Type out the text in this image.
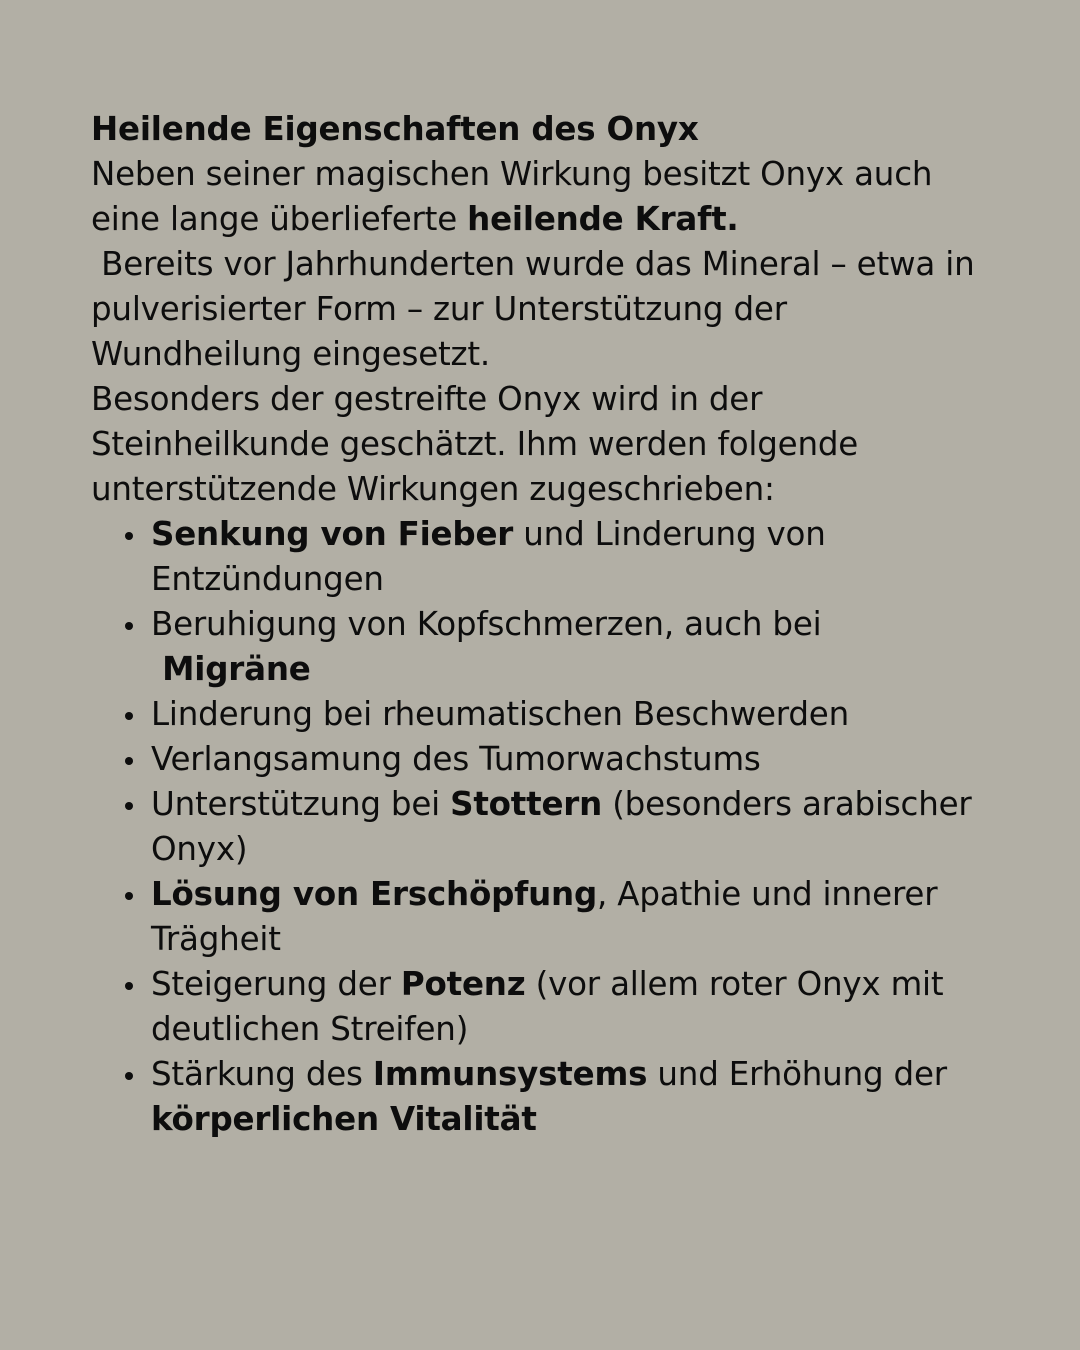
Heilende Eigenschaften des Onyx

Neben seiner magischen Wirkung besitzt Onyx auch eine lange überlieferte heilende Kraft.

Bereits vor Jahrhunderten wurde das Mineral – etwa in pulverisierter Form – zur Unterstützung der Wundheilung eingesetzt.

Besonders der gestreifte Onyx wird in der Steinheilkunde geschätzt. Ihm werden folgende unterstützende Wirkungen zugeschrieben:

Senkung von Fieber und Linderung von Entzündungen
Beruhigung von Kopfschmerzen, auch bei
Migräne
Linderung bei rheumatischen Beschwerden
Verlangsamung des Tumorwachstums
Unterstützung bei Stottern (besonders arabischer Onyx)
Lösung von Erschöpfung, Apathie und innerer Trägheit
Steigerung der Potenz (vor allem roter Onyx mit deutlichen Streifen)
Stärkung des Immunsystems und Erhöhung der körperlichen Vitalität
